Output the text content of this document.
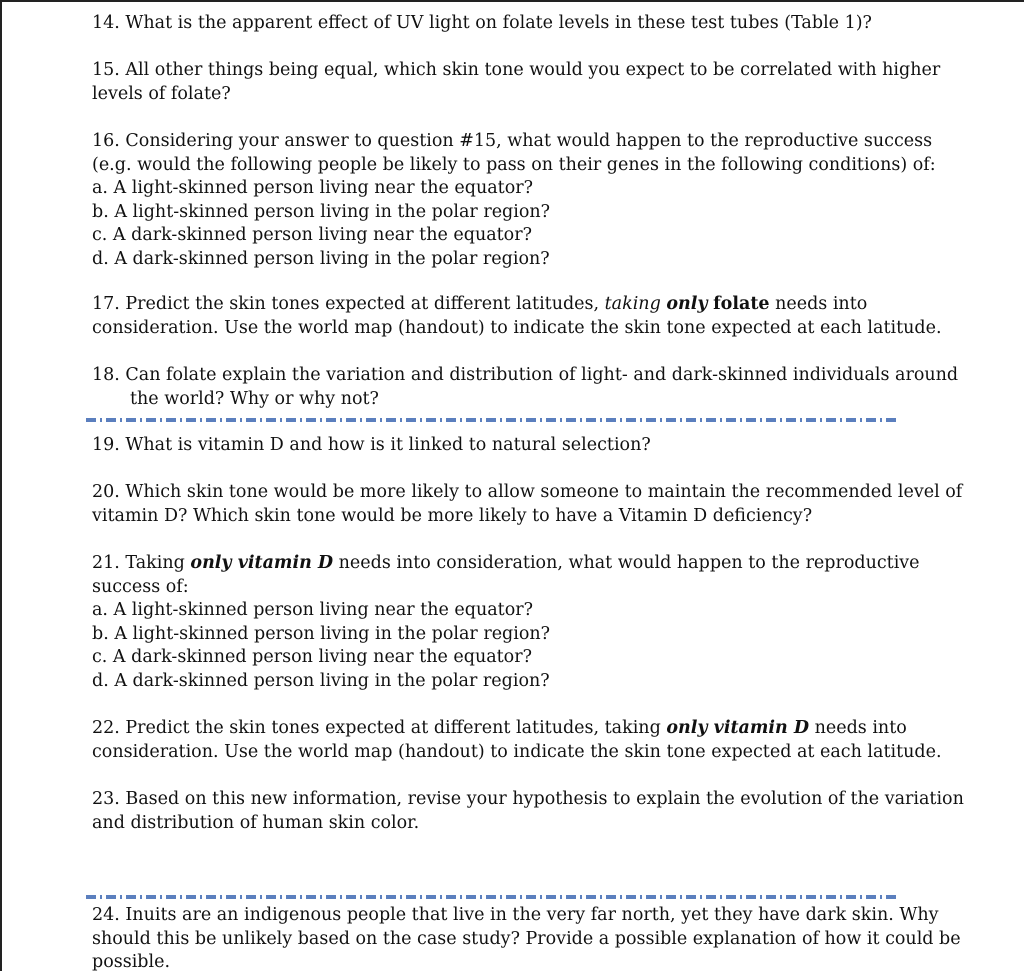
14. What is the apparent effect of UV light on folate levels in these test tubes (Table 1)?
15. All other things being equal, which skin tone would you expect to be correlated with higher
levels of folate?
16. Considering your answer to question #15, what would happen to the reproductive success
(e.g. would the following people be likely to pass on their genes in the following conditions) of:
a. A light-skinned person living near the equator?
b. A light-skinned person living in the polar region?
c. A dark-skinned person living near the equator?
d. A dark-skinned person living in the polar region?
17. Predict the skin tones expected at different latitudes, taking only folate needs into
consideration. Use the world map (handout) to indicate the skin tone expected at each latitude.
18. Can folate explain the variation and distribution of light- and dark-skinned individuals around
the world? Why or why not?
19. What is vitamin D and how is it linked to natural selection?
20. Which skin tone would be more likely to allow someone to maintain the recommended level of
vitamin D? Which skin tone would be more likely to have a Vitamin D deficiency?
21. Taking only vitamin D needs into consideration, what would happen to the reproductive
success of:
a. A light-skinned person living near the equator?
b. A light-skinned person living in the polar region?
c. A dark-skinned person living near the equator?
d. A dark-skinned person living in the polar region?
22. Predict the skin tones expected at different latitudes, taking only vitamin D needs into
consideration. Use the world map (handout) to indicate the skin tone expected at each latitude.
23. Based on this new information, revise your hypothesis to explain the evolution of the variation
and distribution of human skin color.
24. Inuits are an indigenous people that live in the very far north, yet they have dark skin. Why
should this be unlikely based on the case study? Provide a possible explanation of how it could be
possible.
